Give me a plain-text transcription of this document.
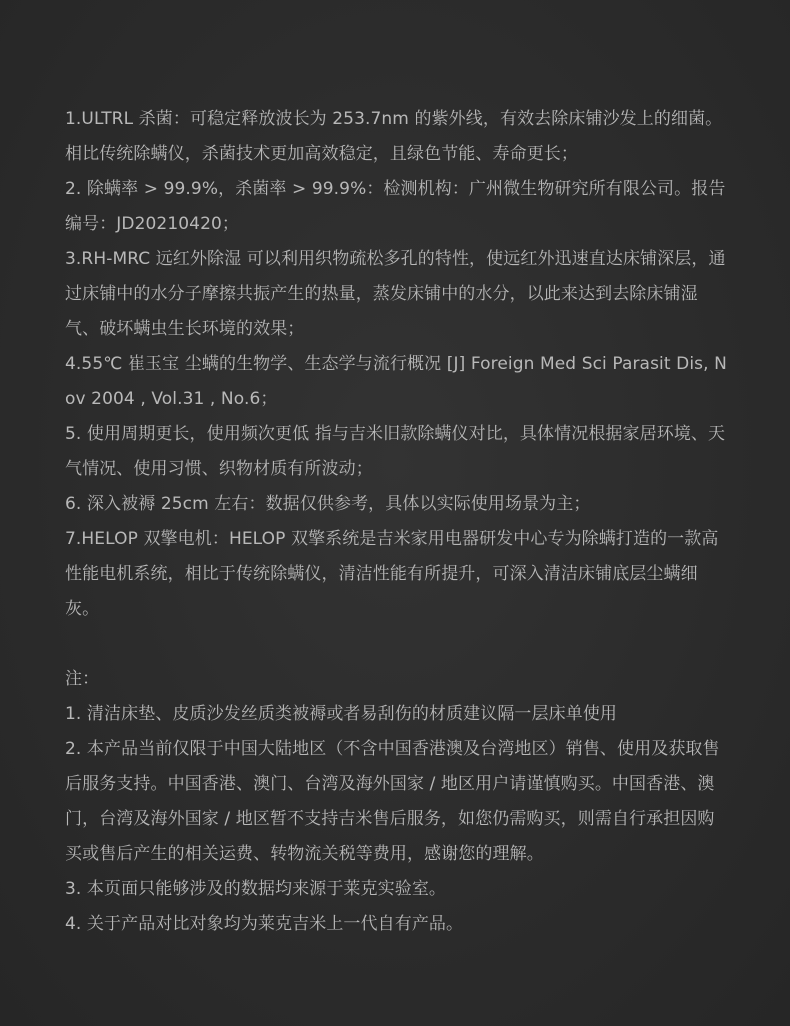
1.ULTRL 杀菌：可稳定释放波长为 253.7nm 的紫外线，有效去除床铺沙发上的细菌。相比传统除螨仪，杀菌技术更加高效稳定，且绿色节能、寿命更长；

2. 除螨率 > 99.9%，杀菌率 > 99.9%：检测机构：广州微生物研究所有限公司。报告编号：JD20210420；

3.RH-MRC 远红外除湿 可以利用织物疏松多孔的特性，使远红外迅速直达床铺深层，通过床铺中的水分子摩擦共振产生的热量，蒸发床铺中的水分，以此来达到去除床铺湿气、破坏螨虫生长环境的效果；

4.55℃ 崔玉宝 尘螨的生物学、生态学与流行概况 [J] Foreign Med Sci Parasit Dis, Nov 2004 , Vol.31 , No.6；

5. 使用周期更长，使用频次更低 指与吉米旧款除螨仪对比，具体情况根据家居环境、天气情况、使用习惯、织物材质有所波动；

6. 深入被褥 25cm 左右：数据仅供参考，具体以实际使用场景为主；

7.HELOP 双擎电机：HELOP 双擎系统是吉米家用电器研发中心专为除螨打造的一款高性能电机系统，相比于传统除螨仪，清洁性能有所提升，可深入清洁床铺底层尘螨细灰。

注：

1. 清洁床垫、皮质沙发丝质类被褥或者易刮伤的材质建议隔一层床单使用

2. 本产品当前仅限于中国大陆地区（不含中国香港澳及台湾地区）销售、使用及获取售后服务支持。中国香港、澳门、台湾及海外国家 / 地区用户请谨慎购买。中国香港、澳门，台湾及海外国家 / 地区暂不支持吉米售后服务，如您仍需购买，则需自行承担因购买或售后产生的相关运费、转物流关税等费用，感谢您的理解。

3. 本页面只能够涉及的数据均来源于莱克实验室。

4. 关于产品对比对象均为莱克吉米上一代自有产品。
